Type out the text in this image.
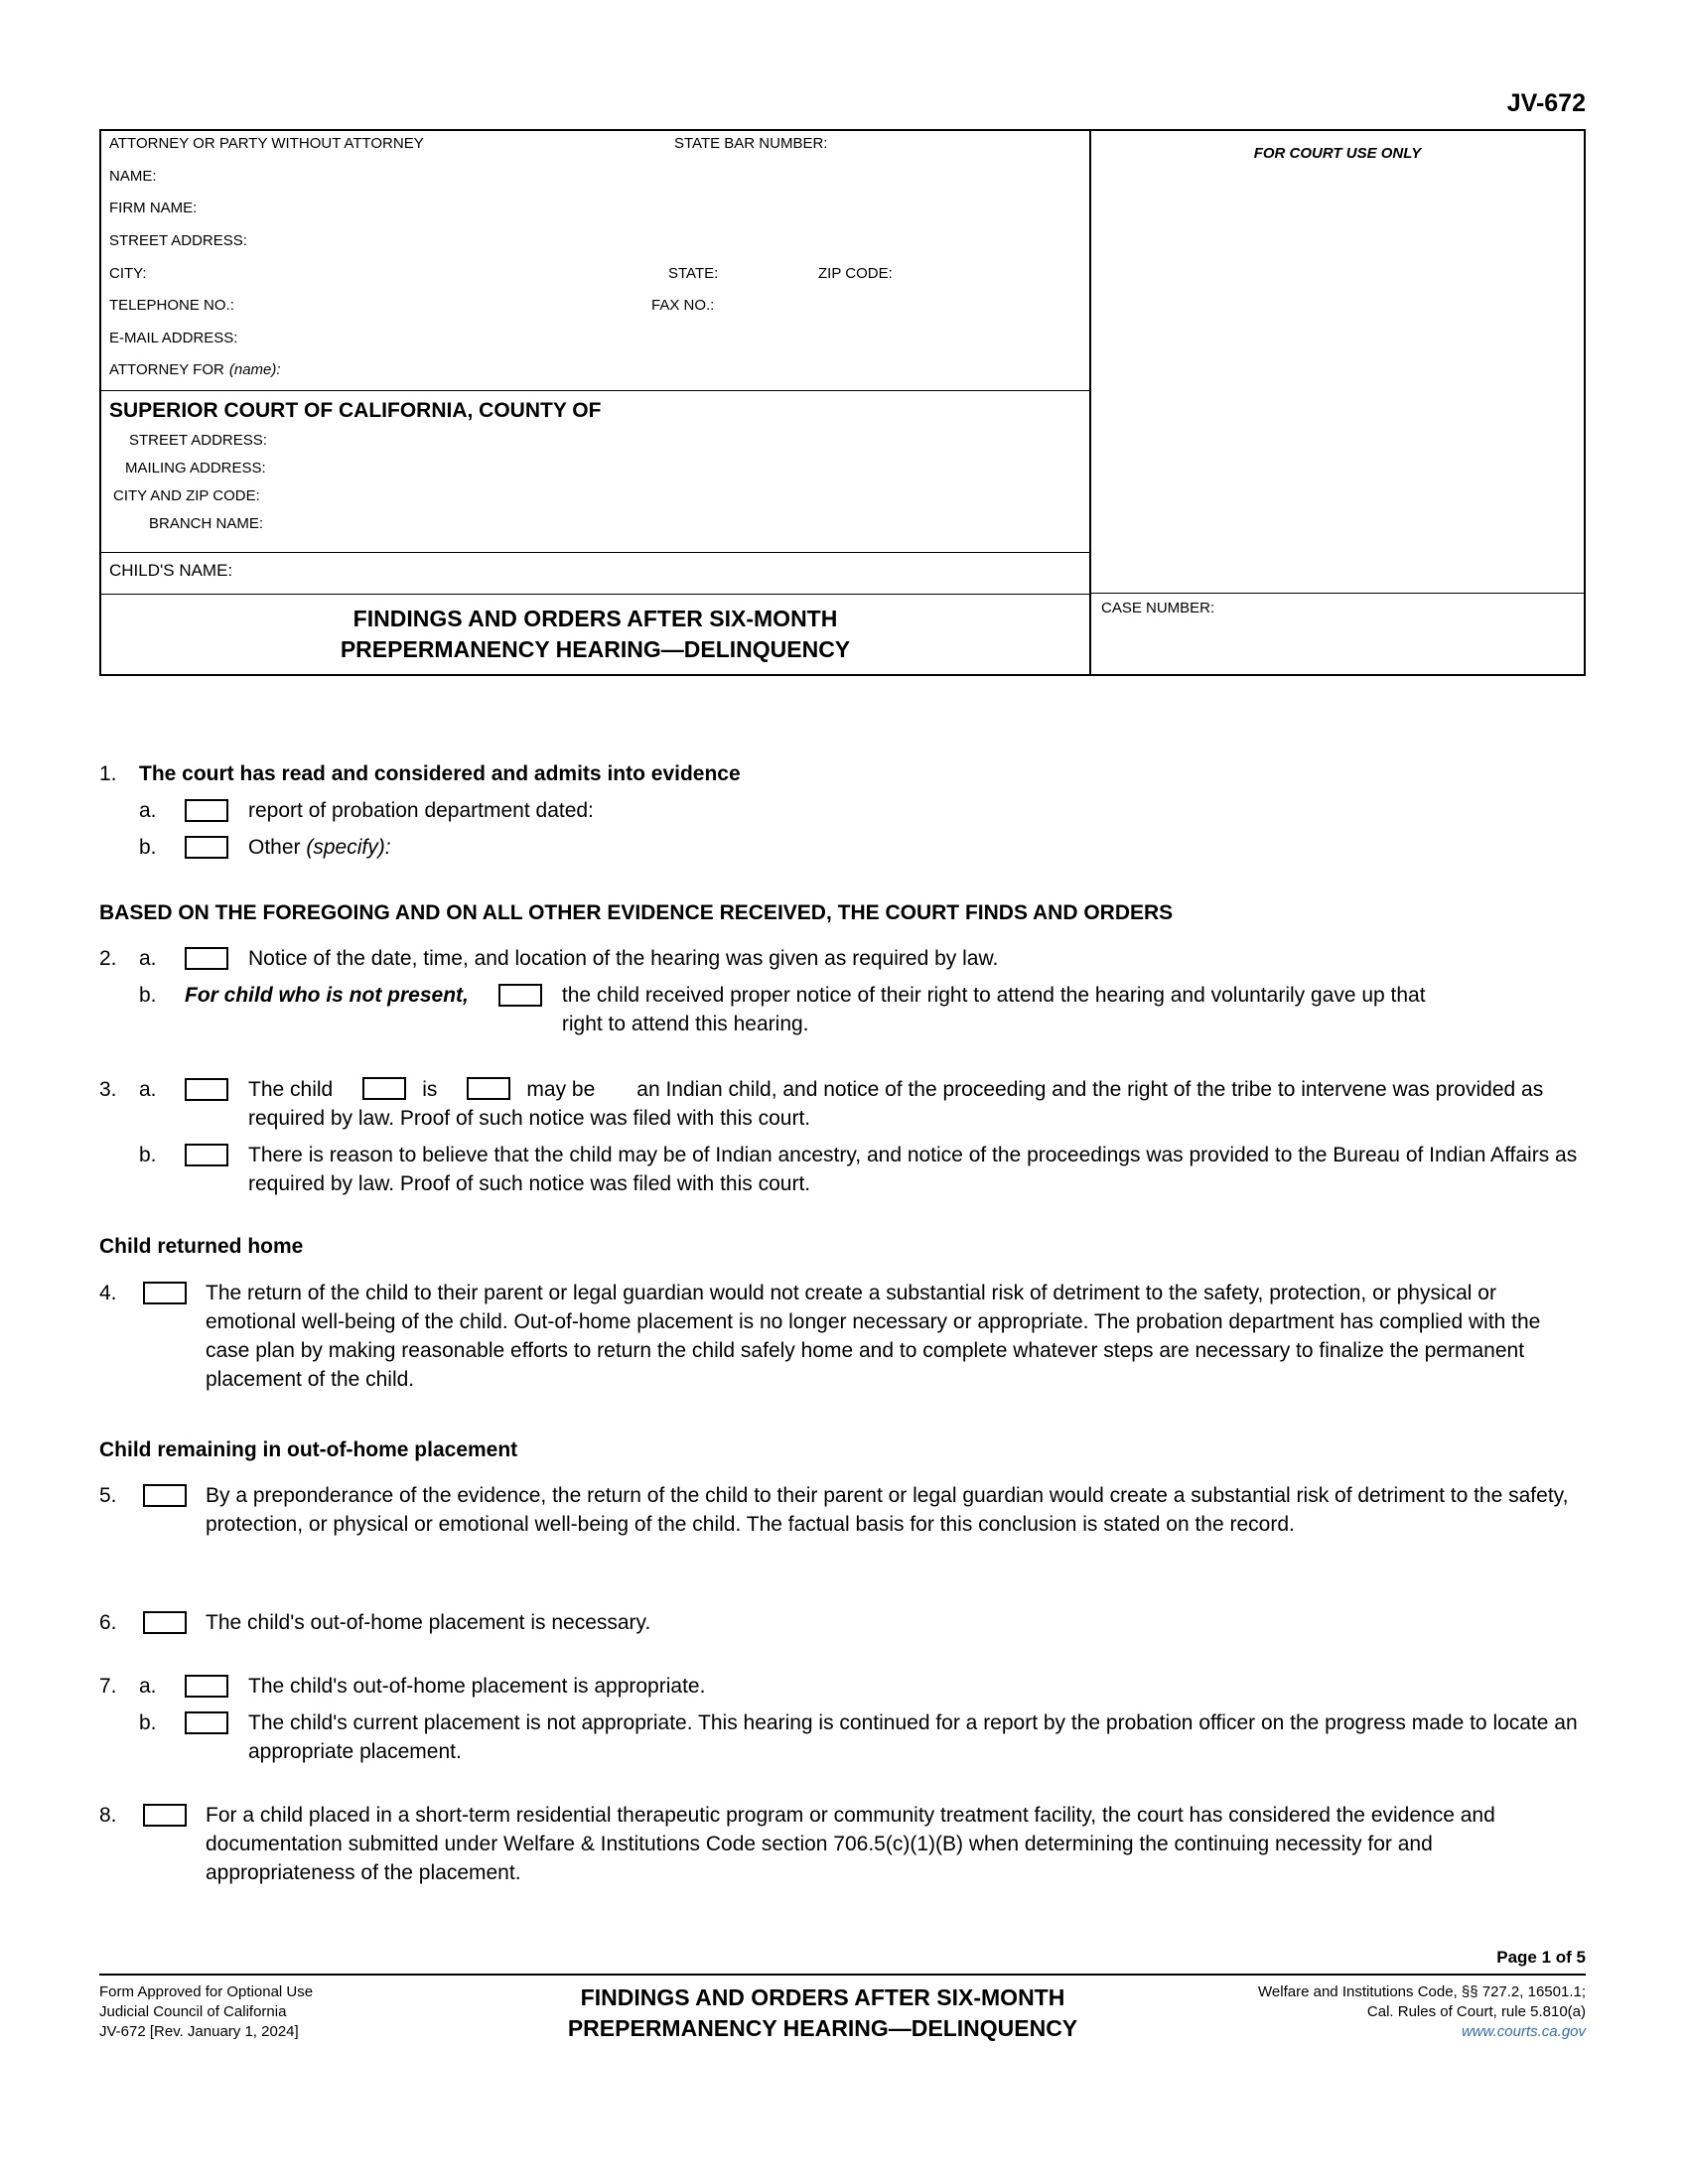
JV-672
ATTORNEY OR PARTY WITHOUT ATTORNEY	STATE BAR NUMBER:
NAME:
FIRM NAME:
STREET ADDRESS:
CITY:	STATE:	ZIP CODE:
TELEPHONE NO.:	FAX NO.:
E-MAIL ADDRESS:
ATTORNEY FOR (name):
SUPERIOR COURT OF CALIFORNIA, COUNTY OF
STREET ADDRESS:
MAILING ADDRESS:
CITY AND ZIP CODE:
BRANCH NAME:
CHILD'S NAME:
FINDINGS AND ORDERS AFTER SIX-MONTH
PREPERMANENCY HEARING—DELINQUENCY
FOR COURT USE ONLY
CASE NUMBER:
1.	The court has read and considered and admits into evidence
a.	report of probation department dated:
b.	Other (specify):
BASED ON THE FOREGOING AND ON ALL OTHER EVIDENCE RECEIVED, THE COURT FINDS AND ORDERS
2.	a.	Notice of the date, time, and location of the hearing was given as required by law.
b.	For child who is not present,	the child received proper notice of their right to attend the hearing and voluntarily gave up that right to attend this hearing.
3.	a.	The child	is	may be an Indian child, and notice of the proceeding and the right of the tribe to intervene was provided as required by law. Proof of such notice was filed with this court.
b.	There is reason to believe that the child may be of Indian ancestry, and notice of the proceedings was provided to the Bureau of Indian Affairs as required by law. Proof of such notice was filed with this court.
Child returned home
4.	The return of the child to their parent or legal guardian would not create a substantial risk of detriment to the safety, protection, or physical or emotional well-being of the child. Out-of-home placement is no longer necessary or appropriate. The probation department has complied with the case plan by making reasonable efforts to return the child safely home and to complete whatever steps are necessary to finalize the permanent placement of the child.
Child remaining in out-of-home placement
5.	By a preponderance of the evidence, the return of the child to their parent or legal guardian would create a substantial risk of detriment to the safety, protection, or physical or emotional well-being of the child. The factual basis for this conclusion is stated on the record.
6.	The child's out-of-home placement is necessary.
7.	a.	The child's out-of-home placement is appropriate.
b.	The child's current placement is not appropriate. This hearing is continued for a report by the probation officer on the progress made to locate an appropriate placement.
8.	For a child placed in a short-term residential therapeutic program or community treatment facility, the court has considered the evidence and documentation submitted under Welfare & Institutions Code section 706.5(c)(1)(B) when determining the continuing necessity for and appropriateness of the placement.
Page 1 of 5
Form Approved for Optional Use
Judicial Council of California
JV-672 [Rev. January 1, 2024]
FINDINGS AND ORDERS AFTER SIX-MONTH
PREPERMANENCY HEARING—DELINQUENCY
Welfare and Institutions Code, §§ 727.2, 16501.1;
Cal. Rules of Court, rule 5.810(a)
www.courts.ca.gov
